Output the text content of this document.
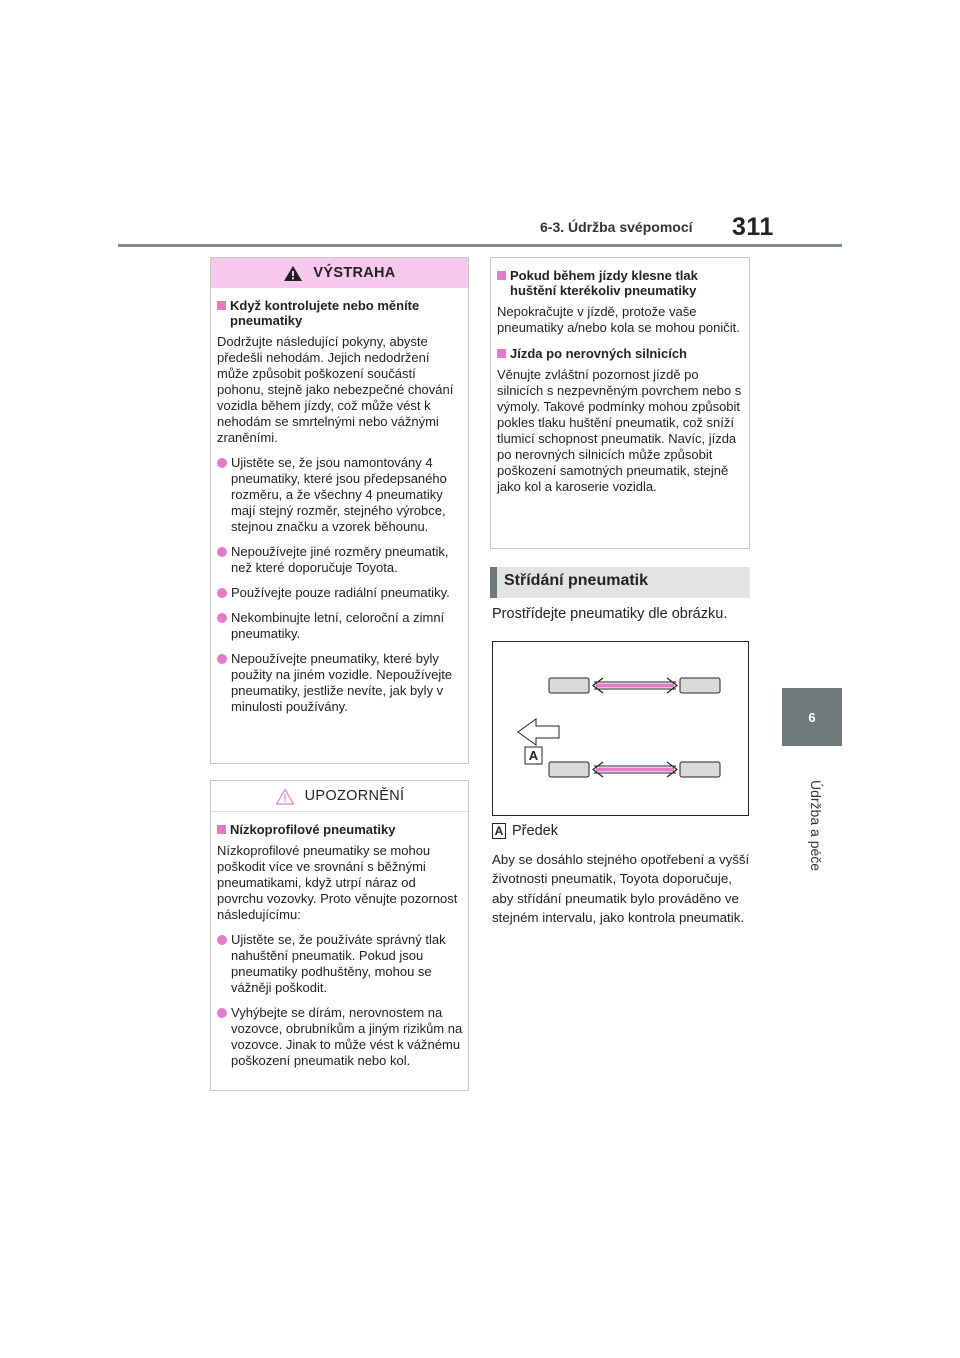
6-3. Údržba svépomocí 311
6
Údržba a péče
VÝSTRAHA
Když kontrolujete nebo měníte pneumatiky
Dodržujte následující pokyny, abyste předešli nehodám. Jejich nedodržení může způsobit poškození součástí pohonu, stejně jako nebezpečné chování vozidla během jízdy, což může vést k nehodám se smrtelnými nebo vážnými zraněními.
Ujistěte se, že jsou namontovány 4 pneumatiky, které jsou předepsaného rozměru, a že všechny 4 pneumatiky mají stejný rozměr, stejného výrobce, stejnou značku a vzorek běhounu.
Nepoužívejte jiné rozměry pneumatik, než které doporučuje Toyota.
Používejte pouze radiální pneumatiky.
Nekombinujte letní, celoroční a zimní pneumatiky.
Nepoužívejte pneumatiky, které byly použity na jiném vozidle. Nepoužívejte pneumatiky, jestliže nevíte, jak byly v minulosti používány.
UPOZORNĚNÍ
Nízkoprofilové pneumatiky
Nízkoprofilové pneumatiky se mohou poškodit více ve srovnání s běžnými pneumatikami, když utrpí náraz od povrchu vozovky. Proto věnujte pozornost následujícímu:
Ujistěte se, že používáte správný tlak nahuštění pneumatik. Pokud jsou pneumatiky podhuštěny, mohou se vážněji poškodit.
Vyhýbejte se dírám, nerovnostem na vozovce, obrubníkům a jiným rizikům na vozovce. Jinak to může vést k vážnému poškození pneumatik nebo kol.
Pokud během jízdy klesne tlak huštění kterékoliv pneumatiky
Nepokračujte v jízdě, protože vaše pneumatiky a/nebo kola se mohou poničit.
Jízda po nerovných silnicích
Věnujte zvláštní pozornost jízdě po silnicích s nezpevněným povrchem nebo s výmoly. Takové podmínky mohou způsobit pokles tlaku huštění pneumatik, což sníží tlumicí schopnost pneumatik. Navíc, jízda po nerovných silnicích může způsobit poškození samotných pneumatik, stejně jako kol a karoserie vozidla.
Střídání pneumatik
Prostřídejte pneumatiky dle obrázku.
A
A Předek
Aby se dosáhlo stejného opotřebení a vyšší životnosti pneumatik, Toyota doporučuje, aby střídání pneumatik bylo prováděno ve stejném intervalu, jako kontrola pneumatik.
